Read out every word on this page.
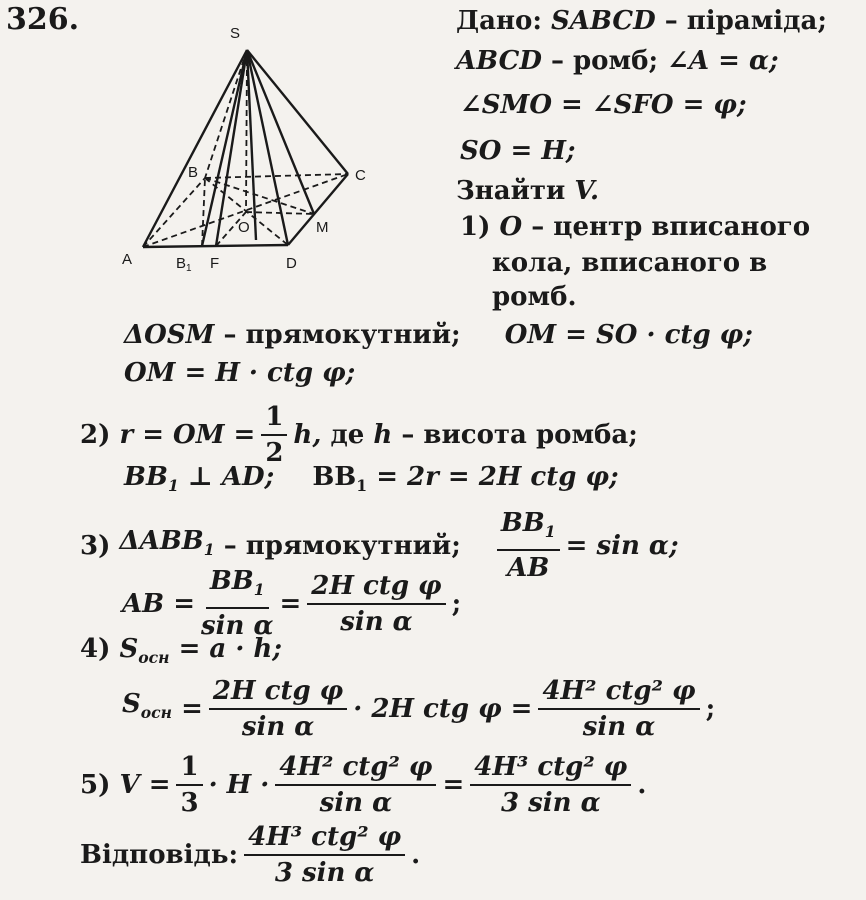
326.	S
B	C
O	M
A	$B_1$ F	D
Дано: SABCD – піраміда;
ABCD – ромб; ∠A = α;
∠SMO = ∠SFO = φ;
SO = H;
Знайти V.
1) O – центр вписаного
кола, вписаного в
ромб.
ΔOSM – прямокутний; OM = SO · ctg φ;
OM = H · ctg φ;
2)
r = OM = $\frac{1}{2} h$,
де
h
– висота ромба;
$BB_1$ ⊥ AD; $BB_1 = 2r = 2H$ ctg φ;
3)
$\Delta ABB_1$
– прямокутний; $\frac{BB_1}{AB} = \sin \alpha$;
AB = $\frac{BB_1}{\text{sin α}} = \frac{\text{2H ctg φ}}{\text{sin α}}$ ;
4) $S_{осн} = a \cdot h$;
$S_{осн}$
= $\frac{\text{2H ctg φ}}{\text{sin α}} \cdot 2H$ ctg $\varphi = \frac{\text{4H² ctg² φ}}{\text{sin α}}$ ;
5)
$V = \frac{1}{3} \cdot H \cdot \frac{\text{4H² ctg² φ}}{\text{sin α}} = \frac{\text{4H³ ctg² φ}}{\text{3 sin α}}$ .
Відповідь: $\frac{\text{4H³ ctg² φ}}{\text{3 sin α}}$ .
